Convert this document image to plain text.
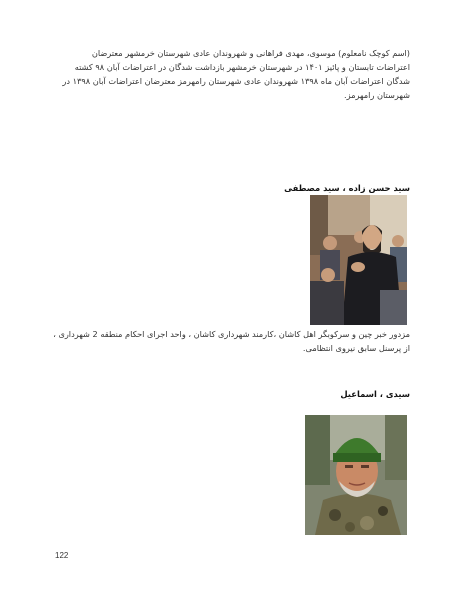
(اسم کوچک نامعلوم) موسوی، مهدی فراهانی و شهروندان عادی شهرستان خرمشهر معترضان اعتراضات تابستان و پائیز ۱۴۰۱ در شهرستان خرمشهر بازداشت شدگان در اعتراضات آبان ۹۸ کشته شدگان اعتراضات آبان ماه ۱۳۹۸ شهروندان عادی شهرستان رامهرمز معترضان اعتراضات آبان ۱۳۹۸ در شهرستان رامهرمز.

سید حسن زاده ، سید مصطفی

مزدور خبر چین و سرکوبگر اهل کاشان ،کارمند شهرداری کاشان ، واحد اجرای احکام منطقه 2 شهرداری ، از پرسنل سابق نیروی انتظامی.

سیدی ، اسماعیل
122
